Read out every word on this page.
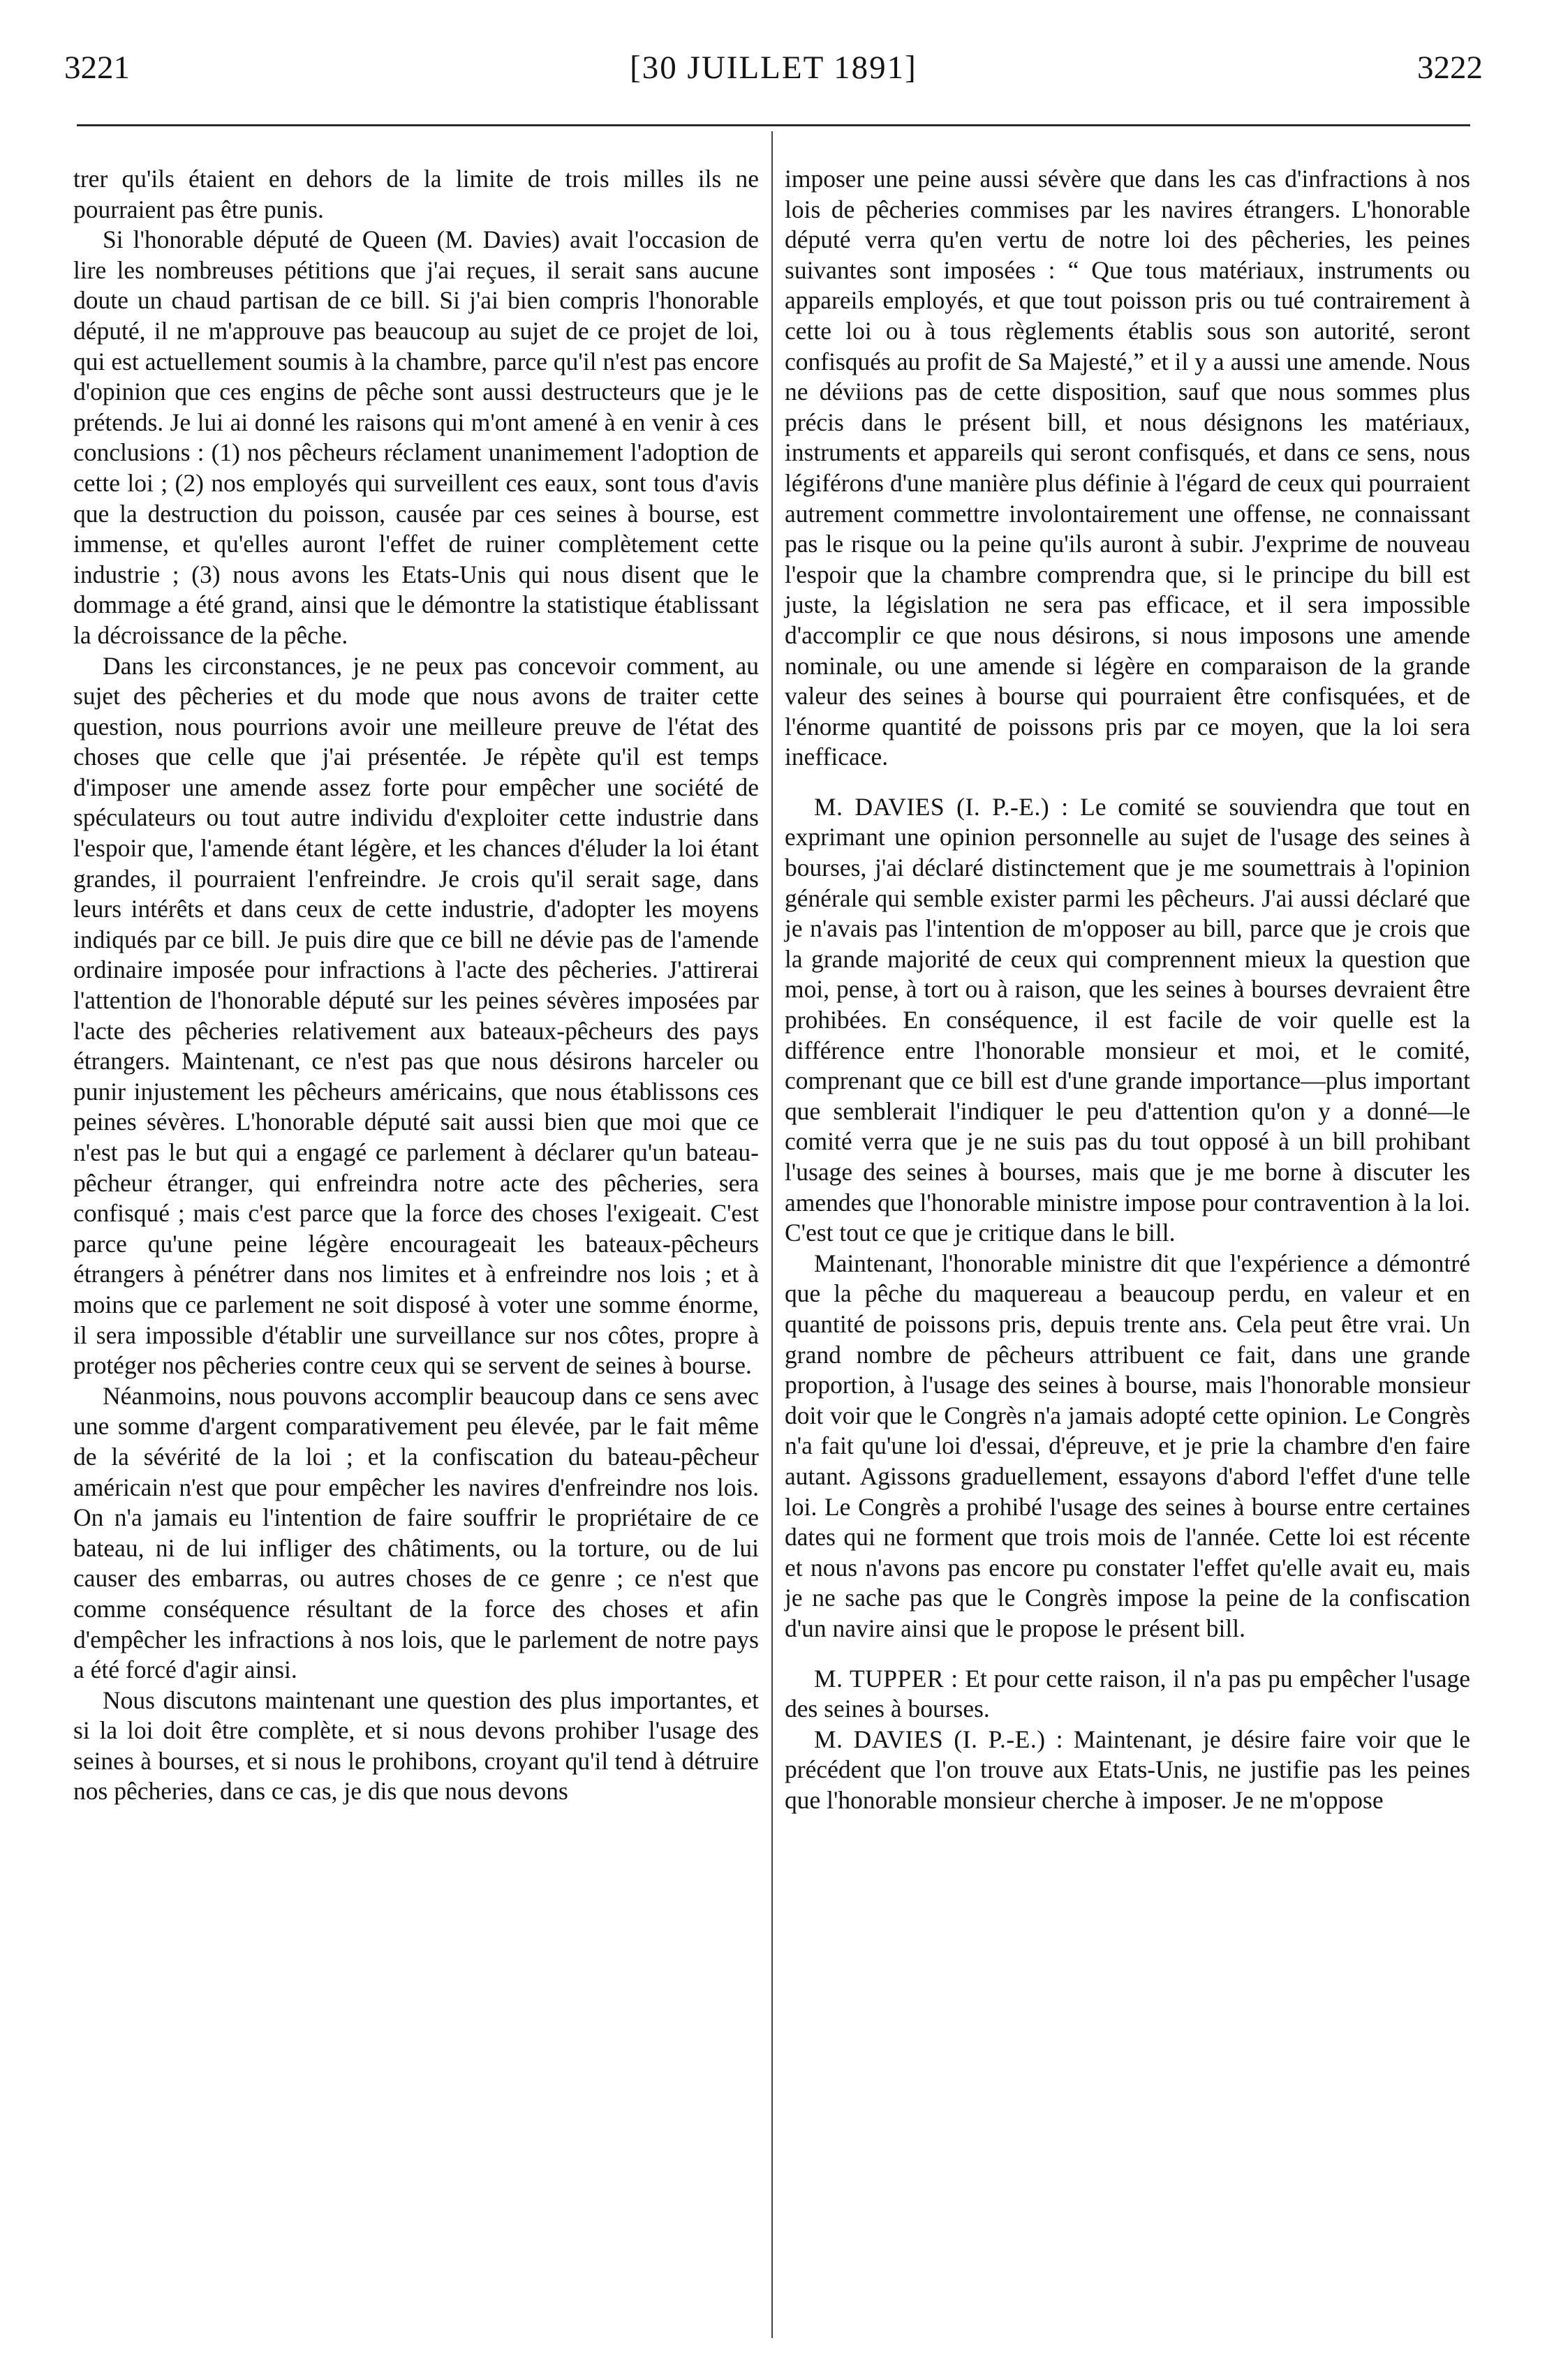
3221	[30 JUILLET 1891]	3222

trer qu'ils étaient en dehors de la limite de trois milles ils ne pourraient pas être punis.

Si l'honorable député de Queen (M. Davies) avait l'occasion de lire les nombreuses pétitions que j'ai reçues, il serait sans aucune doute un chaud partisan de ce bill. Si j'ai bien compris l'honorable député, il ne m'approuve pas beaucoup au sujet de ce projet de loi, qui est actuellement soumis à la chambre, parce qu'il n'est pas encore d'opinion que ces engins de pêche sont aussi destructeurs que je le prétends. Je lui ai donné les raisons qui m'ont amené à en venir à ces conclusions : (1) nos pêcheurs réclament unanimement l'adoption de cette loi ; (2) nos employés qui surveillent ces eaux, sont tous d'avis que la destruction du poisson, causée par ces seines à bourse, est immense, et qu'elles auront l'effet de ruiner complètement cette industrie ; (3) nous avons les Etats-Unis qui nous disent que le dommage a été grand, ainsi que le démontre la statistique établissant la décroissance de la pêche.

Dans les circonstances, je ne peux pas concevoir comment, au sujet des pêcheries et du mode que nous avons de traiter cette question, nous pourrions avoir une meilleure preuve de l'état des choses que celle que j'ai présentée. Je répète qu'il est temps d'imposer une amende assez forte pour empêcher une société de spéculateurs ou tout autre individu d'exploiter cette industrie dans l'espoir que, l'amende étant légère, et les chances d'éluder la loi étant grandes, il pourraient l'enfreindre. Je crois qu'il serait sage, dans leurs intérêts et dans ceux de cette industrie, d'adopter les moyens indiqués par ce bill. Je puis dire que ce bill ne dévie pas de l'amende ordinaire imposée pour infractions à l'acte des pêcheries. J'attirerai l'attention de l'honorable député sur les peines sévères imposées par l'acte des pêcheries relativement aux bateaux-pêcheurs des pays étrangers. Maintenant, ce n'est pas que nous désirons harceler ou punir injustement les pêcheurs américains, que nous établissons ces peines sévères. L'honorable député sait aussi bien que moi que ce n'est pas le but qui a engagé ce parlement à déclarer qu'un bateau-pêcheur étranger, qui enfreindra notre acte des pêcheries, sera confisqué ; mais c'est parce que la force des choses l'exigeait. C'est parce qu'une peine légère encourageait les bateaux-pêcheurs étrangers à pénétrer dans nos limites et à enfreindre nos lois ; et à moins que ce parlement ne soit disposé à voter une somme énorme, il sera impossible d'établir une surveillance sur nos côtes, propre à protéger nos pêcheries contre ceux qui se servent de seines à bourse.

Néanmoins, nous pouvons accomplir beaucoup dans ce sens avec une somme d'argent comparativement peu élevée, par le fait même de la sévérité de la loi ; et la confiscation du bateau-pêcheur américain n'est que pour empêcher les navires d'enfreindre nos lois. On n'a jamais eu l'intention de faire souffrir le propriétaire de ce bateau, ni de lui infliger des châtiments, ou la torture, ou de lui causer des embarras, ou autres choses de ce genre ; ce n'est que comme conséquence résultant de la force des choses et afin d'empêcher les infractions à nos lois, que le parlement de notre pays a été forcé d'agir ainsi.

Nous discutons maintenant une question des plus importantes, et si la loi doit être complète, et si nous devons prohiber l'usage des seines à bourses, et si nous le prohibons, croyant qu'il tend à détruire nos pêcheries, dans ce cas, je dis que nous devons

imposer une peine aussi sévère que dans les cas d'infractions à nos lois de pêcheries commises par les navires étrangers. L'honorable député verra qu'en vertu de notre loi des pêcheries, les peines suivantes sont imposées : “ Que tous matériaux, instruments ou appareils employés, et que tout poisson pris ou tué contrairement à cette loi ou à tous règlements établis sous son autorité, seront confisqués au profit de Sa Majesté,” et il y a aussi une amende. Nous ne déviions pas de cette disposition, sauf que nous sommes plus précis dans le présent bill, et nous désignons les matériaux, instruments et appareils qui seront confisqués, et dans ce sens, nous légiférons d'une manière plus définie à l'égard de ceux qui pourraient autrement commettre involontairement une offense, ne connaissant pas le risque ou la peine qu'ils auront à subir. J'exprime de nouveau l'espoir que la chambre comprendra que, si le principe du bill est juste, la législation ne sera pas efficace, et il sera impossible d'accomplir ce que nous désirons, si nous imposons une amende nominale, ou une amende si légère en comparaison de la grande valeur des seines à bourse qui pourraient être confisquées, et de l'énorme quantité de poissons pris par ce moyen, que la loi sera inefficace.

M. DAVIES (I. P.-E.) : Le comité se souviendra que tout en exprimant une opinion personnelle au sujet de l'usage des seines à bourses, j'ai déclaré distinctement que je me soumettrais à l'opinion générale qui semble exister parmi les pêcheurs. J'ai aussi déclaré que je n'avais pas l'intention de m'opposer au bill, parce que je crois que la grande majorité de ceux qui comprennent mieux la question que moi, pense, à tort ou à raison, que les seines à bourses devraient être prohibées. En conséquence, il est facile de voir quelle est la différence entre l'honorable monsieur et moi, et le comité, comprenant que ce bill est d'une grande importance—plus important que semblerait l'indiquer le peu d'attention qu'on y a donné—le comité verra que je ne suis pas du tout opposé à un bill prohibant l'usage des seines à bourses, mais que je me borne à discuter les amendes que l'honorable ministre impose pour contravention à la loi. C'est tout ce que je critique dans le bill.

Maintenant, l'honorable ministre dit que l'expérience a démontré que la pêche du maquereau a beaucoup perdu, en valeur et en quantité de poissons pris, depuis trente ans. Cela peut être vrai. Un grand nombre de pêcheurs attribuent ce fait, dans une grande proportion, à l'usage des seines à bourse, mais l'honorable monsieur doit voir que le Congrès n'a jamais adopté cette opinion. Le Congrès n'a fait qu'une loi d'essai, d'épreuve, et je prie la chambre d'en faire autant. Agissons graduellement, essayons d'abord l'effet d'une telle loi. Le Congrès a prohibé l'usage des seines à bourse entre certaines dates qui ne forment que trois mois de l'année. Cette loi est récente et nous n'avons pas encore pu constater l'effet qu'elle avait eu, mais je ne sache pas que le Congrès impose la peine de la confiscation d'un navire ainsi que le propose le présent bill.

M. TUPPER : Et pour cette raison, il n'a pas pu empêcher l'usage des seines à bourses.

M. DAVIES (I. P.-E.) : Maintenant, je désire faire voir que le précédent que l'on trouve aux Etats-Unis, ne justifie pas les peines que l'honorable monsieur cherche à imposer. Je ne m'oppose
